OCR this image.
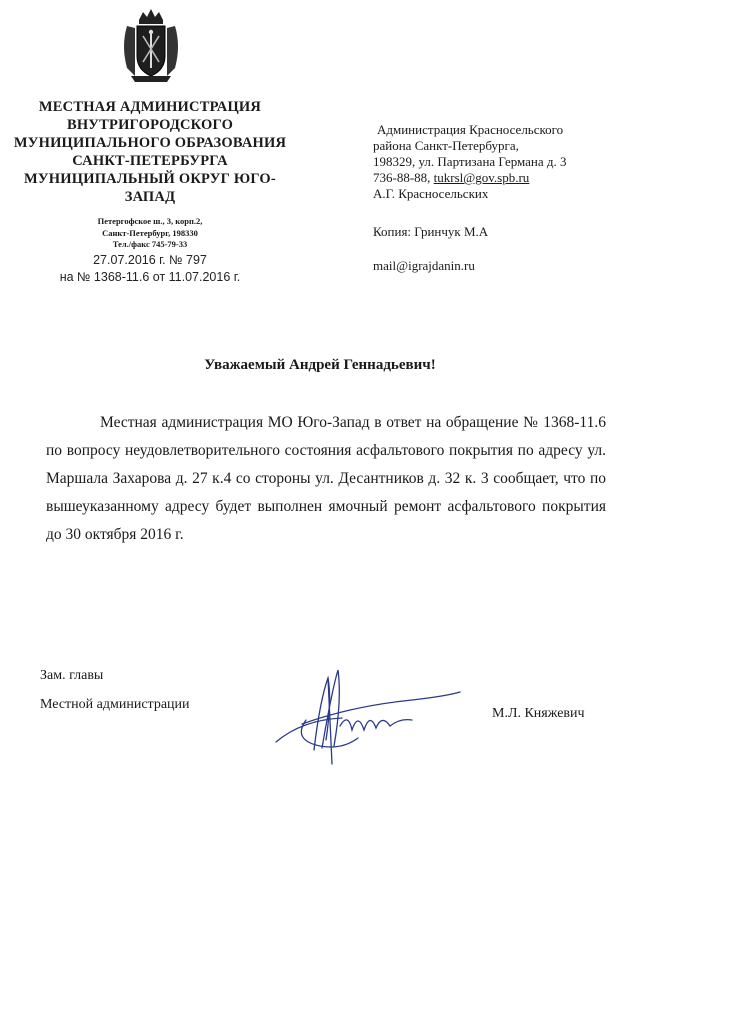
МЕСТНАЯ АДМИНИСТРАЦИЯ
ВНУТРИГОРОДСКОГО
МУНИЦИПАЛЬНОГО ОБРАЗОВАНИЯ
САНКТ-ПЕТЕРБУРГА
МУНИЦИПАЛЬНЫЙ ОКРУГ ЮГО-
ЗАПАД
Петергофское ш., 3, корп.2,
Санкт-Петербург, 198330
Тел./факс 745-79-33
27.07.2016 г. № 797
на № 1368-11.6 от 11.07.2016 г.
Администрация Красносельского
района Санкт-Петербурга,
198329, ул. Партизана Германа д. 3
736-88-88, tukrsl@gov.spb.ru
А.Г. Красносельских
Копия: Гринчук М.А
mail@igrajdanin.ru
Уважаемый Андрей Геннадьевич!
Местная администрация МО Юго-Запад в ответ на обращение № 1368-11.6 по вопросу неудовлетворительного состояния асфальтового покрытия по адресу ул. Маршала Захарова д. 27 к.4 со стороны ул. Десантников д. 32 к. 3 сообщает, что по вышеуказанному адресу будет выполнен ямочный ремонт асфальтового покрытия до 30 октября 2016 г.
Зам. главы
Местной администрации
М.Л. Княжевич
